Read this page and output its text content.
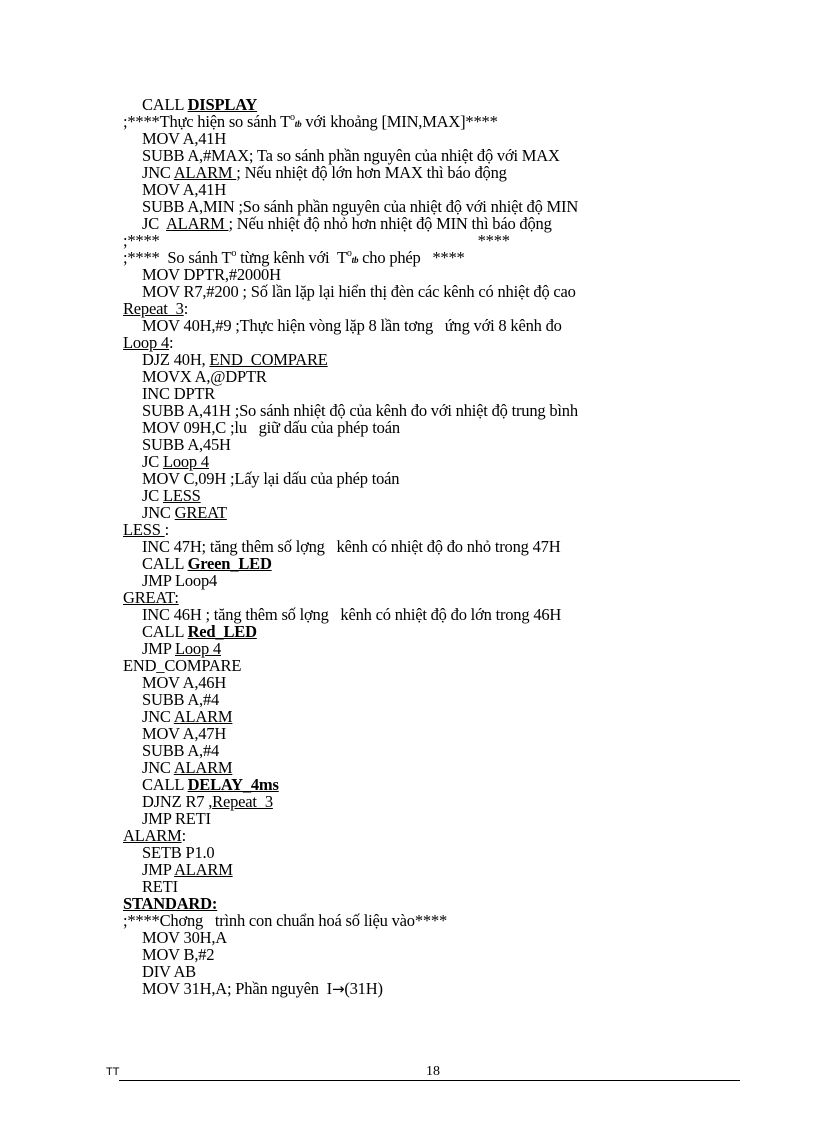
CALL DISPLAY
;****Thực hiện so sánh $T^otb$ với khoảng [MIN,MAX]****
MOV A,41H
SUBB A,#MAX; Ta so sánh phần nguyên của nhiệt độ với MAX
JNC ALARM ; Nếu nhiệt độ lớn hơn MAX thì báo động
MOV A,41H
SUBB A,MIN ;So sánh phần nguyên của nhiệt độ với nhiệt độ MIN
JC  ALARM ; Nếu nhiệt độ nhỏ hơn nhiệt độ MIN thì báo động
;****	****
;****  So sánh $T^o$ từng kênh với  $T^otb$ cho phép   ****
MOV DPTR,#2000H
MOV R7,#200 ; Số lần lặp lại hiển thị đèn các kênh có nhiệt độ cao
Repeat_3:
MOV 40H,#9 ;Thực hiện vòng lặp 8 lần tơng   ứng với 8 kênh đo
Loop 4:
DJZ 40H, END_COMPARE
MOVX A,@DPTR
INC DPTR
SUBB A,41H ;So sánh nhiệt độ của kênh đo với nhiệt độ trung bình
MOV 09H,C ;lu   giữ dấu của phép toán
SUBB A,45H
JC Loop 4
MOV C,09H ;Lấy lại dấu của phép toán
JC LESS
JNC GREAT
LESS :
INC 47H; tăng thêm số lợng   kênh có nhiệt độ đo nhỏ trong 47H
CALL Green_LED
JMP Loop4
GREAT:
INC 46H ; tăng thêm số lợng   kênh có nhiệt độ đo lớn trong 46H
CALL Red_LED
JMP Loop 4
END_COMPARE
MOV A,46H
SUBB A,#4
JNC ALARM
MOV A,47H
SUBB A,#4
JNC ALARM
CALL DELAY_4ms
DJNZ R7 ,Repeat_3
JMP RETI
ALARM:
SETB P1.0
JMP ALARM
RETI
STANDARD:
;****Chơng   trình con chuẩn hoá số liệu vào****
MOV 30H,A
MOV B,#2
DIV AB
MOV 31H,A; Phần nguyên  I→(31H)
TT	18
